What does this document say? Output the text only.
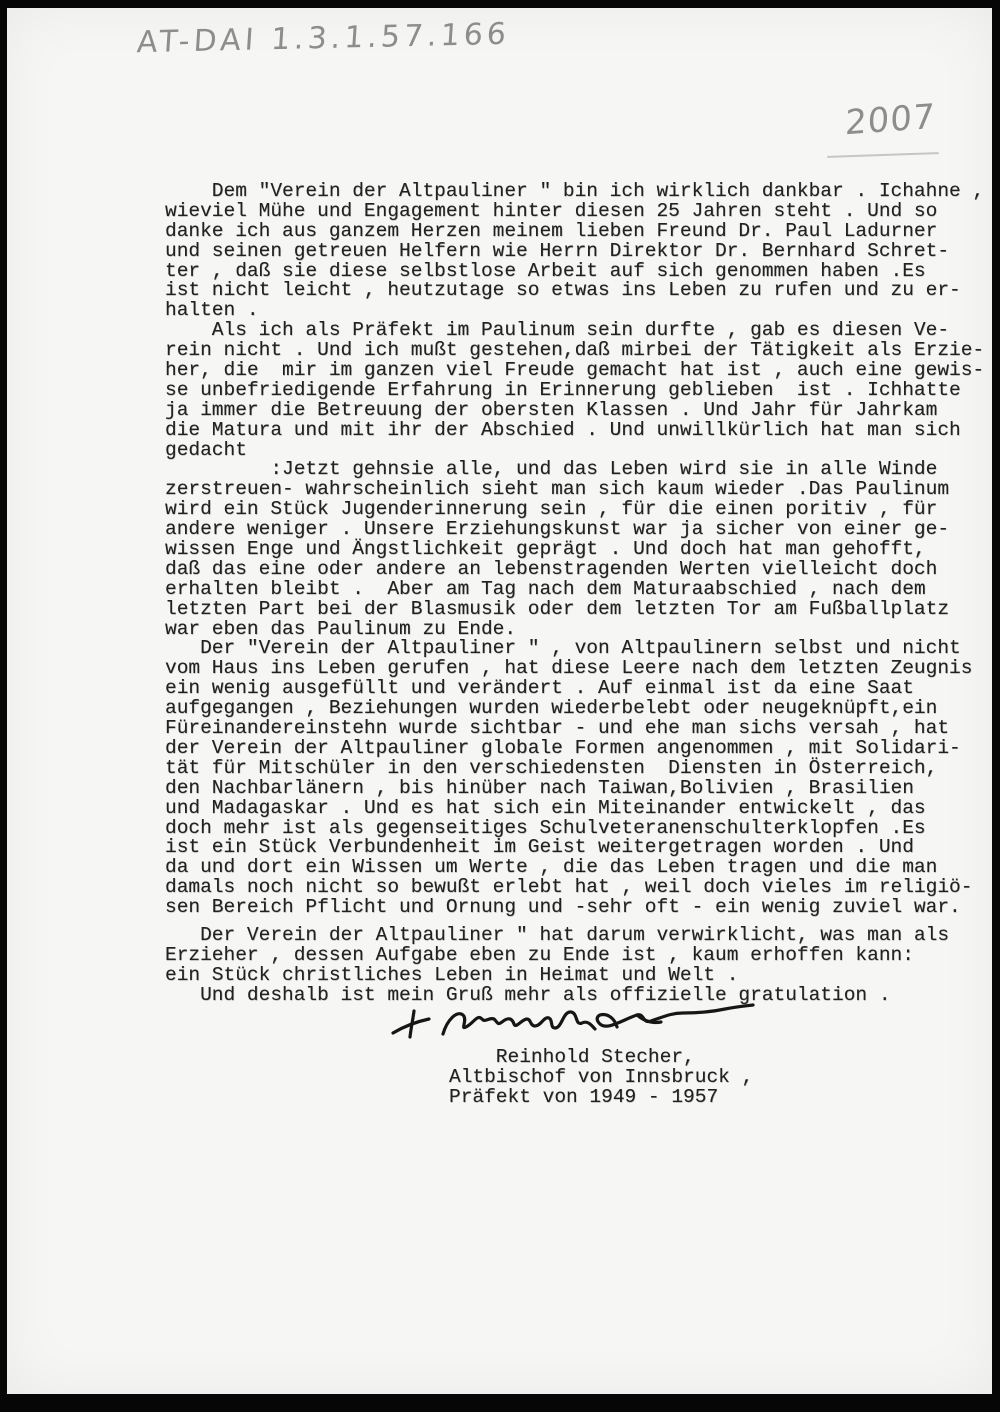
AT-DAI 1.3.1.57.166
2007
Dem "Verein der Altpauliner " bin ich wirklich dankbar . Ichahne ,
wieviel Mühe und Engagement hinter diesen 25 Jahren steht . Und so
danke ich aus ganzem Herzen meinem lieben Freund Dr. Paul Ladurner
und seinen getreuen Helfern wie Herrn Direktor Dr. Bernhard Schret-
ter , daß sie diese selbstlose Arbeit auf sich genommen haben .Es
ist nicht leicht , heutzutage so etwas ins Leben zu rufen und zu er-
halten .
Als ich als Präfekt im Paulinum sein durfte , gab es diesen Ve-
rein nicht . Und ich mußt gestehen,daß mirbei der Tätigkeit als Erzie-
her, die  mir im ganzen viel Freude gemacht hat ist , auch eine gewis-
se unbefriedigende Erfahrung in Erinnerung geblieben  ist . Ichhatte
ja immer die Betreuung der obersten Klassen . Und Jahr für Jahrkam
die Matura und mit ihr der Abschied . Und unwillkürlich hat man sich
gedacht
:Jetzt gehnsie alle, und das Leben wird sie in alle Winde
zerstreuen- wahrscheinlich sieht man sich kaum wieder .Das Paulinum
wird ein Stück Jugenderinnerung sein , für die einen poritiv , für
andere weniger . Unsere Erziehungskunst war ja sicher von einer ge-
wissen Enge und Ängstlichkeit geprägt . Und doch hat man gehofft,
daß das eine oder andere an lebenstragenden Werten vielleicht doch
erhalten bleibt .  Aber am Tag nach dem Maturaabschied , nach dem
letzten Part bei der Blasmusik oder dem letzten Tor am Fußballplatz
war eben das Paulinum zu Ende.
Der "Verein der Altpauliner " , von Altpaulinern selbst und nicht
vom Haus ins Leben gerufen , hat diese Leere nach dem letzten Zeugnis
ein wenig ausgefüllt und verändert . Auf einmal ist da eine Saat
aufgegangen , Beziehungen wurden wiederbelebt oder neugeknüpft,ein
Füreinandereinstehn wurde sichtbar - und ehe man sichs versah , hat
der Verein der Altpauliner globale Formen angenommen , mit Solidari-
tät für Mitschüler in den verschiedensten  Diensten in Österreich,
den Nachbarlänern , bis hinüber nach Taiwan,Bolivien , Brasilien
und Madagaskar . Und es hat sich ein Miteinander entwickelt , das
doch mehr ist als gegenseitiges Schulveteranenschulterklopfen .Es
ist ein Stück Verbundenheit im Geist weitergetragen worden . Und
da und dort ein Wissen um Werte , die das Leben tragen und die man
damals noch nicht so bewußt erlebt hat , weil doch vieles im religiö-
sen Bereich Pflicht und Ornung und -sehr oft - ein wenig zuviel war.
Der Verein der Altpauliner " hat darum verwirklicht, was man als
Erzieher , dessen Aufgabe eben zu Ende ist , kaum erhoffen kann:
ein Stück christliches Leben in Heimat und Welt .
Und deshalb ist mein Gruß mehr als offizielle gratulation .
Reinhold Stecher,
Altbischof von Innsbruck ,
Präfekt von 1949 - 1957
